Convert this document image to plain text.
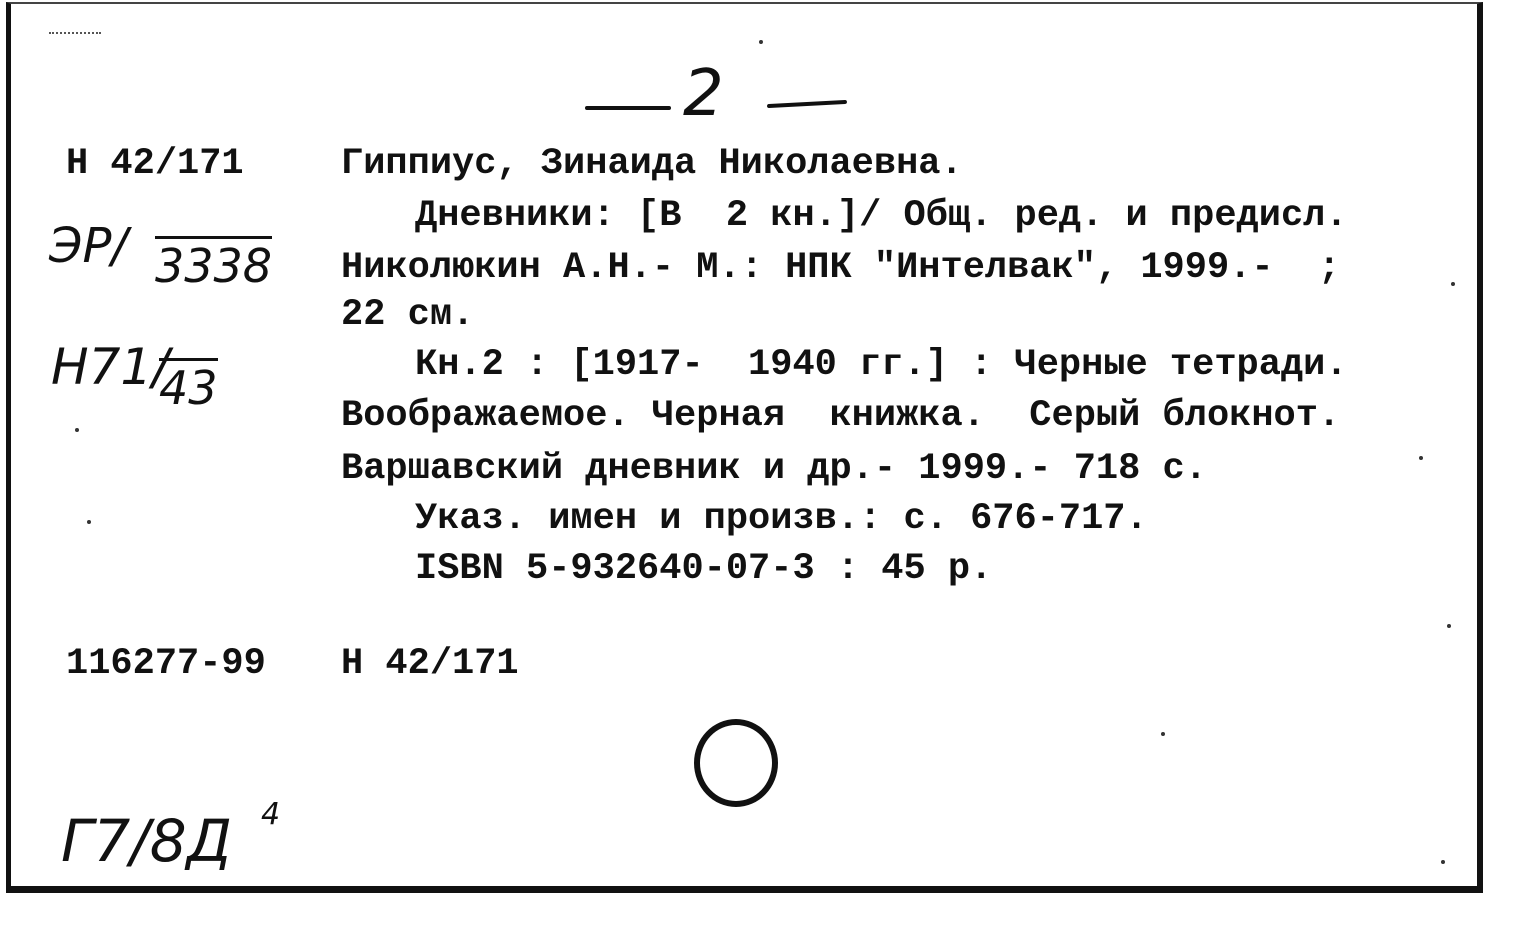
2
Н 42/171
ЭР/ 3338
Н71/
43
Гиппиус, Зинаида Николаевна.
Дневники: [В  2 кн.]/ Общ. ред. и предисл.
Николюкин А.Н.- М.: НПК "Интелвак", 1999.-  ;
22 см.
Кн.2 : [1917-  1940 гг.] : Черные тетради.
Воображаемое. Черная  книжка.  Серый блокнот.
Варшавский дневник и др.- 1999.- 718 с.
Указ. имен и произв.: с. 676-717.
ISBN 5-932640-07-3 : 45 р.
116277-99 Н 42/171
Г7/8Д 4
